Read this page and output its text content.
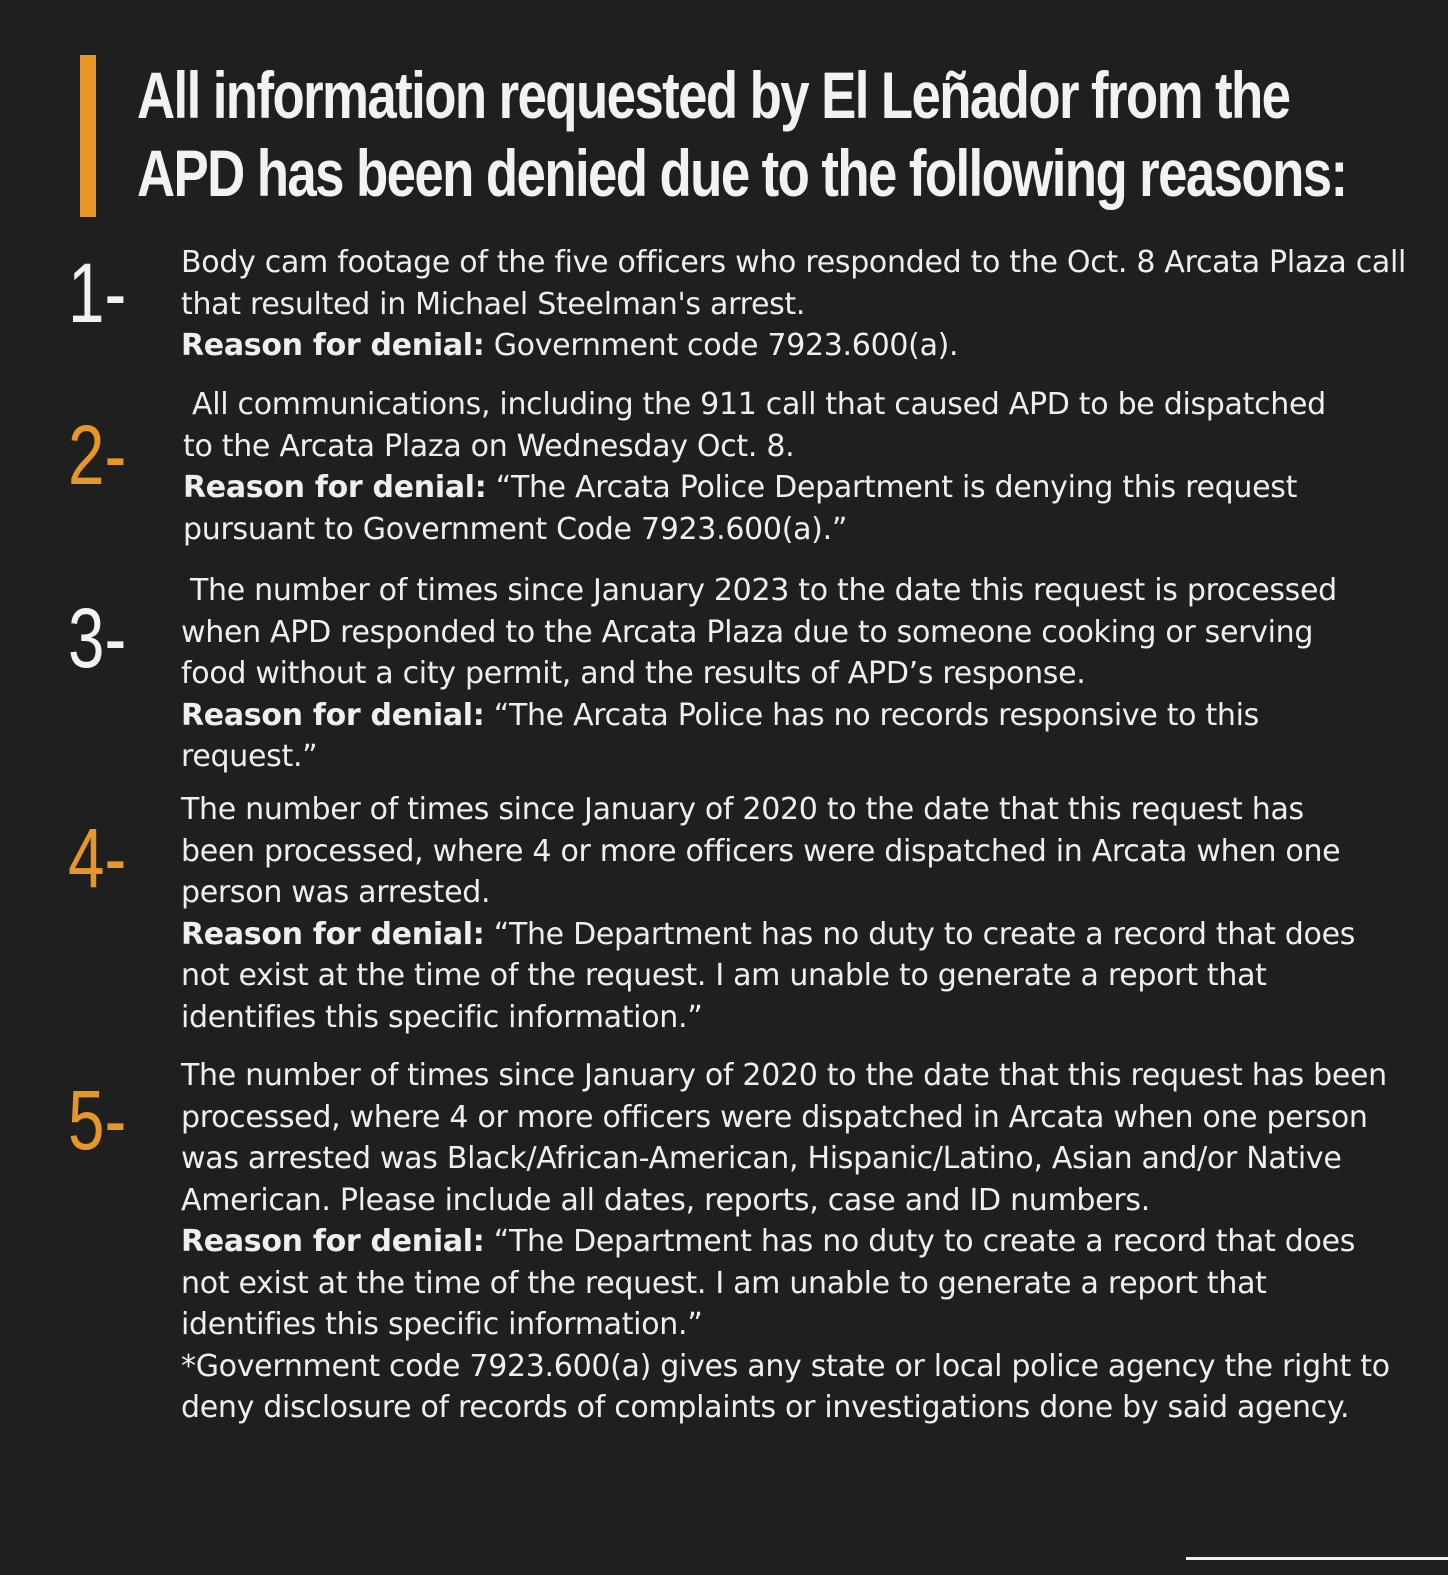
All information requested by El Leñador from the
APD has been denied due to the following reasons:
1- Body cam footage of the five officers who responded to the Oct. 8 Arcata Plaza call that resulted in Michael Steelman's arrest.

Reason for denial: Government code 7923.600(a).

2-

All communications, including the 911 call that caused APD to be dispatched to the Arcata Plaza on Wednesday Oct. 8.

Reason for denial: “The Arcata Police Department is denying this request pursuant to Government Code 7923.600(a).”

3-

The number of times since January 2023 to the date this request is processed when APD responded to the Arcata Plaza due to someone cooking or serving food without a city permit, and the results of APD’s response.

Reason for denial: “The Arcata Police has no records responsive to this request.”

4-

The number of times since January of 2020 to the date that this request has been processed, where 4 or more officers were dispatched in Arcata when one person was arrested.

Reason for denial: “The Department has no duty to create a record that does not exist at the time of the request. I am unable to generate a report that identifies this specific information.”

5- The number of times since January of 2020 to the date that this request has been processed, where 4 or more officers were dispatched in Arcata when one person was arrested was Black/African-American, Hispanic/Latino, Asian and/or Native American. Please include all dates, reports, case and ID numbers.

Reason for denial: “The Department has no duty to create a record that does not exist at the time of the request. I am unable to generate a report that identifies this specific information.”

*Government code 7923.600(a) gives any state or local police agency the right to deny disclosure of records of complaints or investigations done by said agency.
